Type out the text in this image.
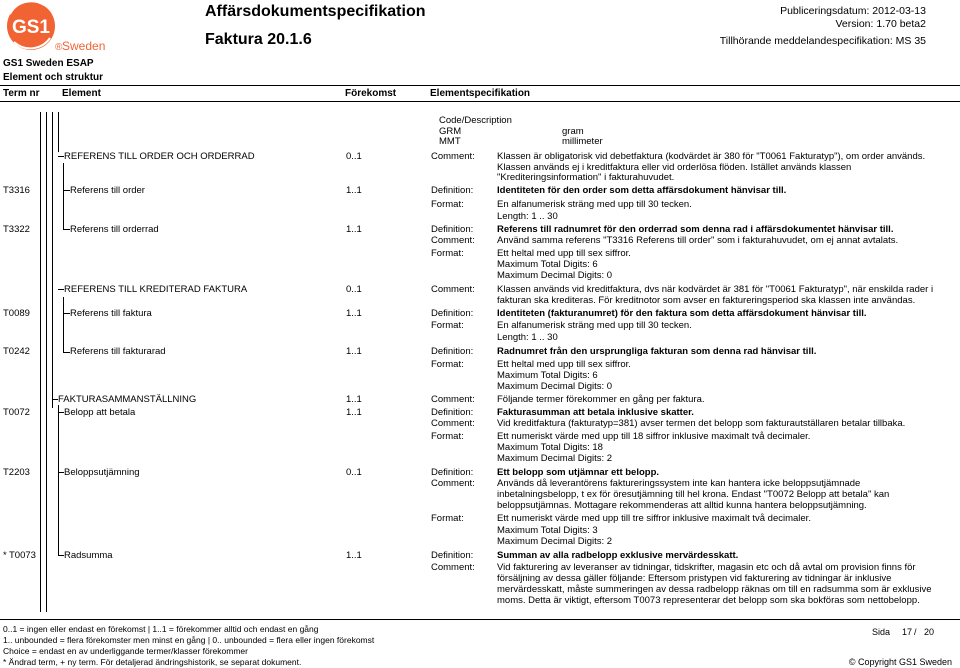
GS1
Sweden
®
Affärsdokumentspecifikation
Faktura 20.1.6
Publiceringsdatum: 2012-03-13
Version: 1.70 beta2
Tillhörande meddelandespecifikation: MS 35
GS1 Sweden ESAP
Element och struktur
Term nr Element	Förekomst	Elementspecifikation
Code/Description
GRM	gram
MMT	millimeter
REFERENS TILL ORDER OCH ORDERRAD	0..1	Comment: Klassen är obligatorisk vid debetfaktura (kodvärdet är 380 för "T0061 Fakturatyp"), om order används.
Klassen används ej i kreditfaktura eller vid orderlösa flöden. Istället används klassen
"Krediteringsinformation" i fakturahuvudet.
T3316	Referens till order	1..1	Definition:	Identiteten för den order som detta affärsdokument hänvisar till.
Format:	En alfanumerisk sträng med upp till 30 tecken.
Length: 1 .. 30
T3322	Referens till orderrad	1..1	Definition:	Referens till radnumret för den orderrad som denna rad i affärsdokumentet hänvisar till.
Comment: Använd samma referens "T3316 Referens till order" som i fakturahuvudet, om ej annat avtalats.
Format:	Ett heltal med upp till sex siffror.
Maximum Total Digits: 6
Maximum Decimal Digits: 0
REFERENS TILL KREDITERAD FAKTURA	0..1	Comment: Klassen används vid kreditfaktura, dvs när kodvärdet är 381 för "T0061 Fakturatyp", när enskilda rader i
fakturan ska krediteras. För kreditnotor som avser en faktureringsperiod ska klassen inte användas.
T0089	Referens till faktura	1..1	Definition:	Identiteten (fakturanumret) för den faktura som detta affärsdokument hänvisar till.
Format:	En alfanumerisk sträng med upp till 30 tecken.
Length: 1 .. 30
T0242	Referens till fakturarad	1..1	Definition:	Radnumret från den ursprungliga fakturan som denna rad hänvisar till.
Format:	Ett heltal med upp till sex siffror.
Maximum Total Digits: 6
Maximum Decimal Digits: 0
FAKTURASAMMANSTÄLLNING	1..1	Comment: Följande termer förekommer en gång per faktura.
T0072	Belopp att betala	1..1	Definition:	Fakturasumman att betala inklusive skatter.
Comment: Vid kreditfaktura (fakturatyp=381) avser termen det belopp som fakturautställaren betalar tillbaka.
Format:	Ett numeriskt värde med upp till 18 siffror inklusive maximalt två decimaler.
Maximum Total Digits: 18
Maximum Decimal Digits: 2
T2203	Beloppsutjämning	0..1	Definition:	Ett belopp som utjämnar ett belopp.
Comment: Används då leverantörens faktureringssystem inte kan hantera icke beloppsutjämnade
inbetalningsbelopp, t ex för öresutjämning till hel krona. Endast "T0072 Belopp att betala" kan
beloppsutjämnas. Mottagare rekommenderas att alltid kunna hantera beloppsutjämning.
Format:	Ett numeriskt värde med upp till tre siffror inklusive maximalt två decimaler.
Maximum Total Digits: 3
Maximum Decimal Digits: 2
* T0073	Radsumma	1..1	Definition:	Summan av alla radbelopp exklusive mervärdesskatt.
Comment: Vid fakturering av leveranser av tidningar, tidskrifter, magasin etc och då avtal om provision finns för
försäljning av dessa gäller följande: Eftersom pristypen vid fakturering av tidningar är inklusive
mervärdesskatt, måste summeringen av dessa radbelopp räknas om till en radsumma som är exklusive
moms. Detta är viktigt, eftersom T0073 representerar det belopp som ska bokföras som nettobelopp.
0..1 = ingen eller endast en förekomst | 1..1 = förekommer alltid och endast en gång
1.. unbounded = flera förekomster men minst en gång | 0.. unbounded = flera eller ingen förekomst
Choice = endast en av underliggande termer/klasser förekommer
* Ändrad term, + ny term. För detaljerad ändringshistorik, se separat dokument.
Sida 17 / 20
© Copyright GS1 Sweden
